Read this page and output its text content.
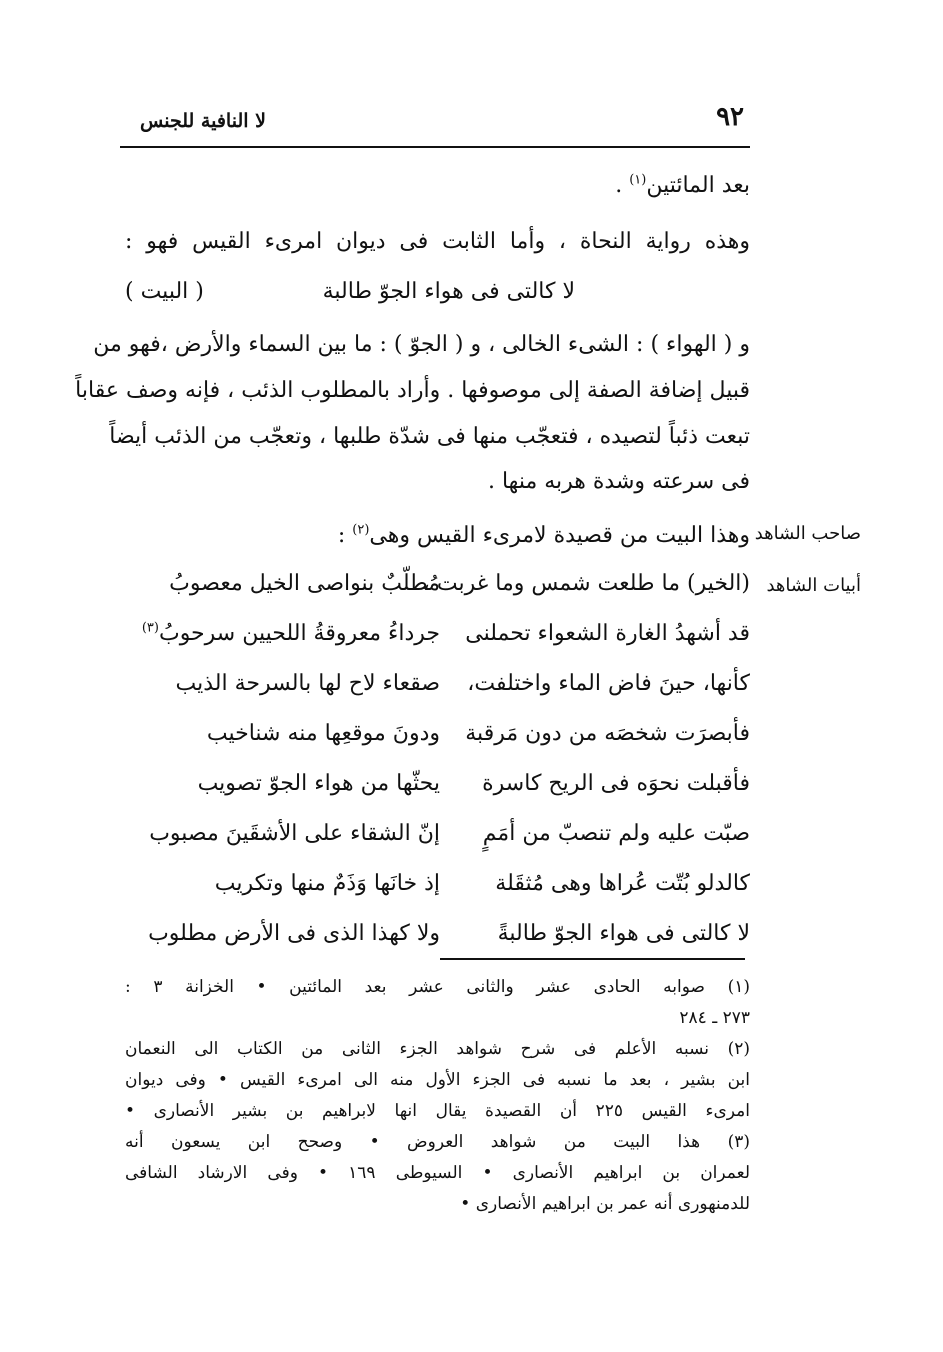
٩٢
لا النافية للجنس
بعد المائتين$^{(١)}$ .
وهذه رواية النحاة ، وأما الثابت فى ديوان امرىء القيس فهو :
لا كالتى فى هواء الجوّ طالبة
( البيت )
و ( الهواء ) : الشىء الخالى ، و ( الجوّ ) : ما بين السماء والأرض ،فهو من
قبيل إضافة الصفة إلى موصوفها . وأراد بالمطلوب الذئب ، فإنه وصف عقاباً
تبعت ذئباً لتصيده ، فتعجّب منها فى شدّة طلبها ، وتعجّب من الذئب أيضاً
فى سرعته وشدة هربه منها .
وهذا البيت من قصيدة لامرىء القيس وهى$^{(٢)}$ :	صاحب الشاهد
أبيات الشاهد
(الخير) ما طلعت شمس وما غربت ،
مُطلّبٌ بنواصى الخيل معصوبُ
قد أشهدُ الغارة الشعواء تحملنى
جرداءُ معروقةُ اللحيين سرحوبُ$^{(٣)}$
كأنها، حينَ فاض الماء واختلفت،
صقعاء لاح لها بالسرحة الذيب
فأبصرَت شخصَه من دون مَرقبة
ودونَ موقعِها منه شناخيب
فأقبلت نحوَه فى الريح كاسرة
يحثّها من هواء الجوّ تصويب
صبّت عليه ولم تنصبّ من أمَمٍ
إنّ الشقاء على الأشقَينَ مصبوب
كالدلو بُتّت عُراها وهى مُثقَلة
إذ خانَها وَذَمٌ منها وتكريب
لا كالتى فى هواء الجوّ طالبةً
ولا كهذا الذى فى الأرض مطلوب
(١) صوابه الحادى عشر والثانى عشر بعد المائتين • الخزانة ٣ :
٢٧٣ ـ ٢٨٤
(٢) نسبه الأعلم فى شرح شواهد الجزء الثانى من الكتاب الى النعمان
ابن بشير ، بعد ما نسبه فى الجزء الأول منه الى امرىء القيس • وفى ديوان
امرىء القيس ٢٢٥ أن القصيدة يقال انها لابراهيم بن بشير الأنصارى •
(٣) هذا البيت من شواهد العروض • وصحح ابن يسعون أنه
لعمران بن ابراهيم الأنصارى • السيوطى ١٦٩ • وفى الارشاد الشافى
للدمنهورى أنه عمر بن ابراهيم الأنصارى •
